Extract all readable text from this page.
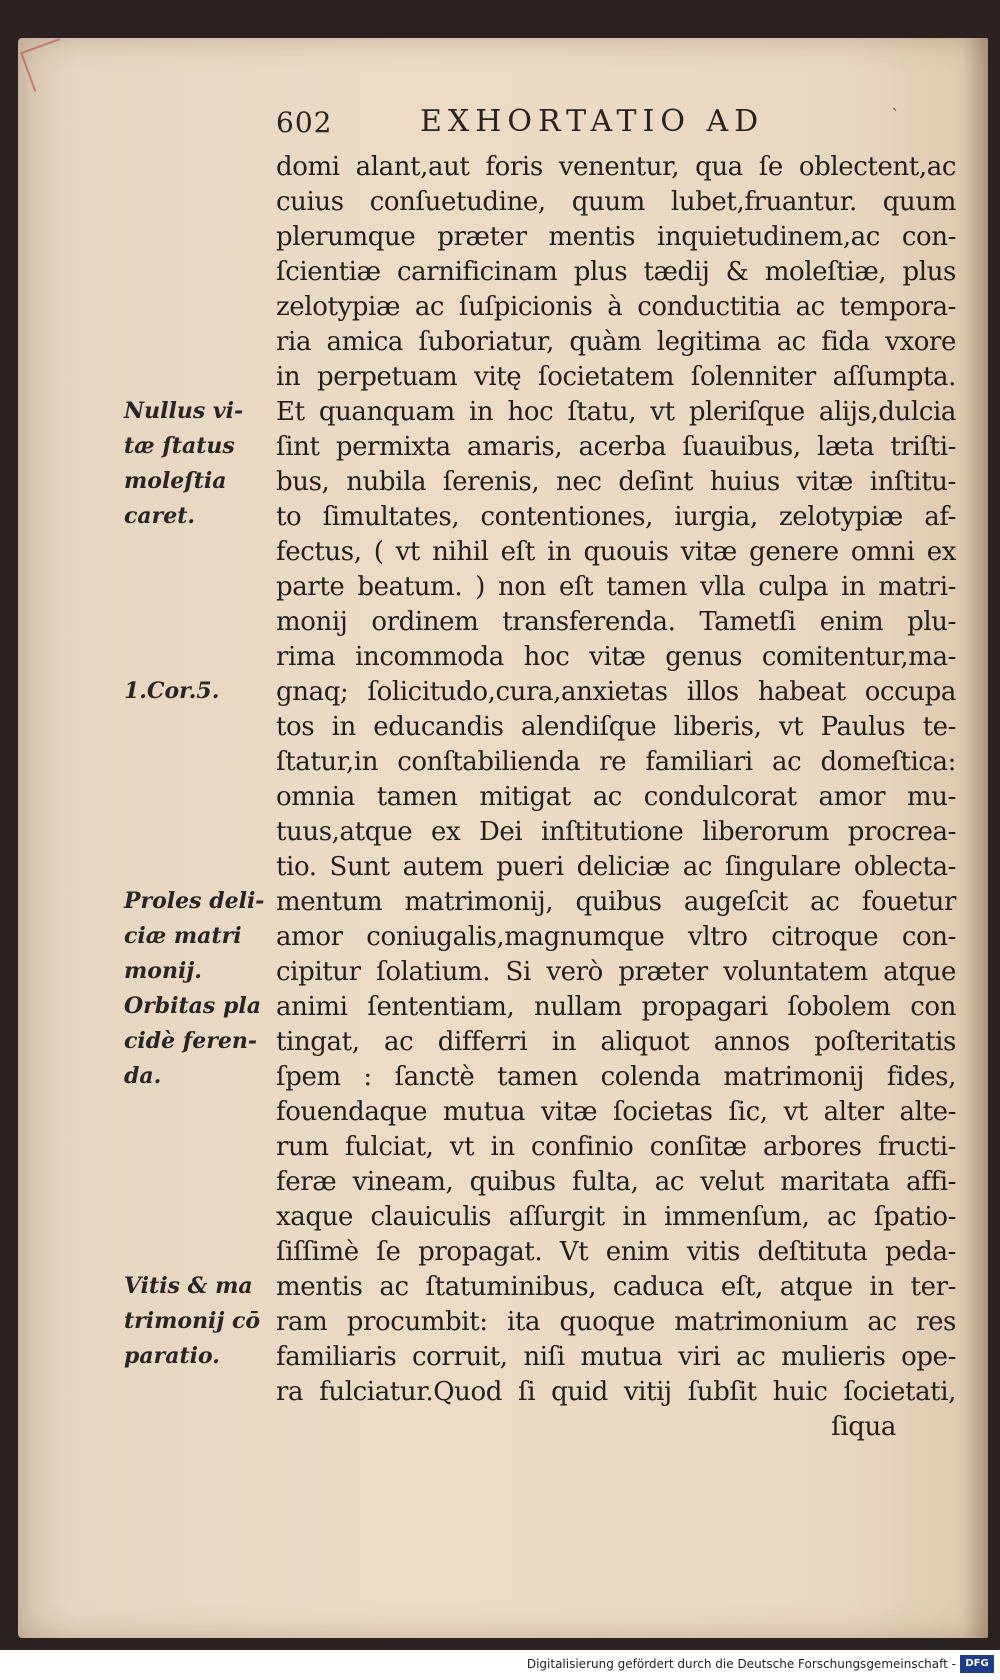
602	EXHORTATIO AD	`
domi alant,aut foris venentur, qua ſe oblectent,ac
cuius conſuetudine, quum lubet,fruantur. quum
plerumque præter mentis inquietudinem,ac con-
ſcientiæ carnificinam plus tædij & moleſtiæ, plus
zelotypiæ ac ſuſpicionis à conductitia ac tempora-
ria amica ſuboriatur, quàm legitima ac fida vxore
in perpetuam vitę ſocietatem ſolenniter aſſumpta.
Et quanquam in hoc ſtatu, vt pleriſque alijs,dulcia
ſint permixta amaris, acerba ſuauibus, læta triſti-
bus, nubila ſerenis, nec deſint huius vitæ inſtitu-
to ſimultates, contentiones, iurgia, zelotypiæ af-
fectus, ( vt nihil eſt in quouis vitæ genere omni ex
parte beatum. ) non eſt tamen vlla culpa in matri-
monij ordinem transferenda. Tametſi enim plu-
rima incommoda hoc vitæ genus comitentur,ma-
gnaq; ſolicitudo,cura,anxietas illos habeat occupa
tos in educandis alendiſque liberis, vt Paulus te-
ſtatur,in conſtabilienda re familiari ac domeſtica:
omnia tamen mitigat ac condulcorat amor mu-
tuus,atque ex Dei inſtitutione liberorum procrea-
tio. Sunt autem pueri deliciæ ac ſingulare oblecta-
mentum matrimonij, quibus augeſcit ac fouetur
amor coniugalis,magnumque vltro citroque con-
cipitur ſolatium. Si verò præter voluntatem atque
animi ſententiam, nullam propagari ſobolem con
tingat, ac differri in aliquot annos poſteritatis
ſpem : ſanctè tamen colenda matrimonij fides,
fouendaque mutua vitæ ſocietas ſic, vt alter alte-
rum fulciat, vt in confinio conſitæ arbores fructi-
feræ vineam, quibus fulta, ac velut maritata affi-
xaque clauiculis aſſurgit in immenſum, ac ſpatio-
ſiſſimè ſe propagat. Vt enim vitis deſtituta peda-
mentis ac ſtatuminibus, caduca eſt, atque in ter-
ram procumbit: ita quoque matrimonium ac res
familiaris corruit, niſi mutua viri ac mulieris ope-
ra fulciatur.Quod ſi quid vitij ſubſit huic ſocietati,
ſiqua
Nullus vi-
tæ ſtatus
moleſtia
caret.
1.Cor.5.
Proles deli-
ciæ matri
monij.
Orbitas pla
cidè feren-
da.
Vitis & ma
trimonij cō
paratio.
Digitalisierung gefördert durch die Deutsche Forschungsgemeinschaft - DFG
